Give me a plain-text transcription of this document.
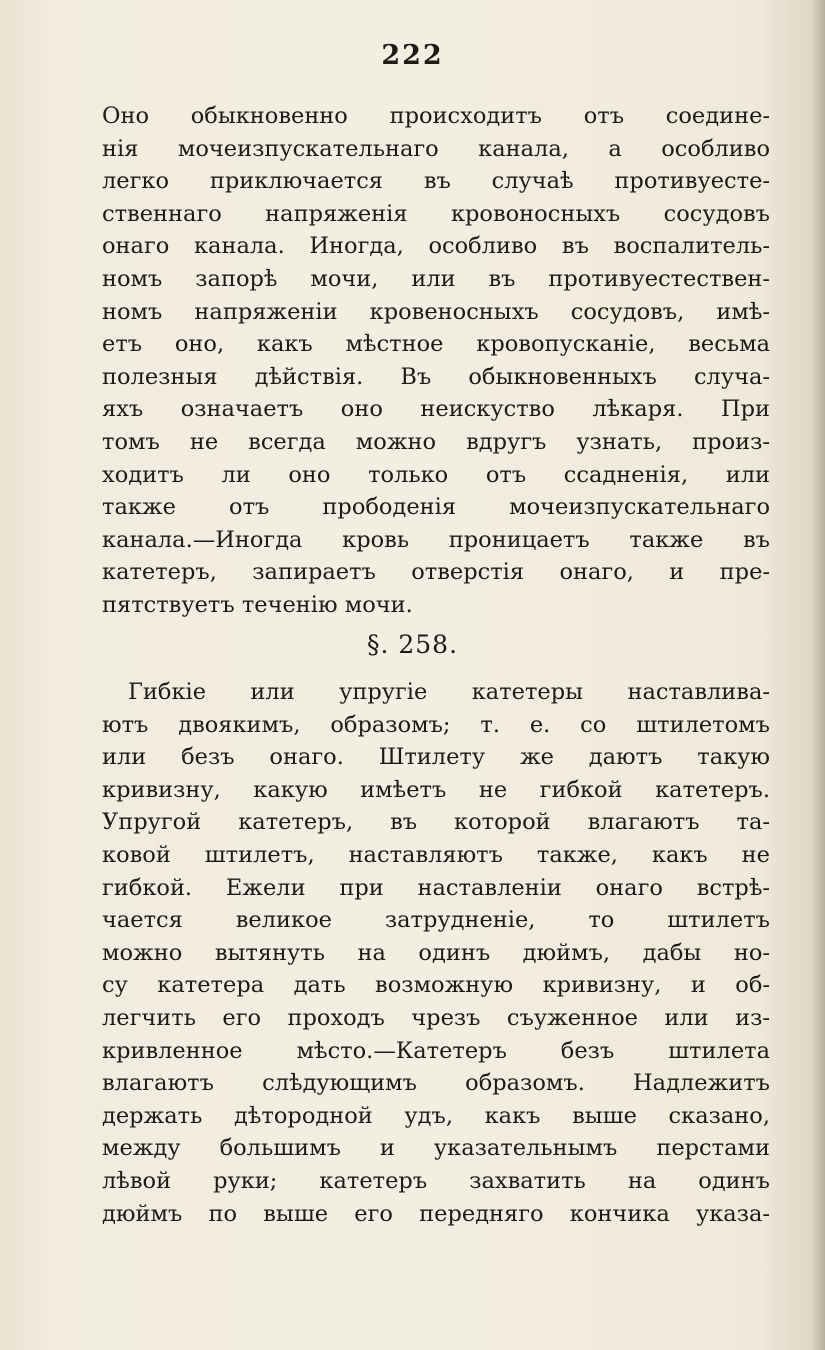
222
Оно обыкновенно происходитъ отъ соедине-
нія мочеизпускательнаго канала, а особливо
легко приключается въ случаѣ противуесте-
ственнаго напряженія кровоносныхъ сосудовъ
онаго канала. Иногда, особливо въ воспалитель-
номъ запорѣ мочи, или въ противуестествен-
номъ напряженіи кровеносныхъ сосудовъ, имѣ-
етъ оно, какъ мѣстное кровопусканіе, весьма
полезныя дѣйствія. Въ обыкновенныхъ случа-
яхъ означаетъ оно неискуство лѣкаря. При
томъ не всегда можно вдругъ узнать, произ-
ходитъ ли оно только отъ ссадненія, или
также отъ прободенія мочеизпускательнаго
канала.—Иногда кровь проницаетъ также въ
катетеръ, запираетъ отверстія онаго, и пре-
пятствуетъ теченію мочи.
§. 258.
Гибкіе или упругіе катетеры наставлива-
ютъ двоякимъ, образомъ; т. е. со штилетомъ
или безъ онаго. Штилету же даютъ такую
кривизну, какую имѣетъ не гибкой катетеръ.
Упругой катетеръ, въ которой влагаютъ та-
ковой штилетъ, наставляютъ также, какъ не
гибкой. Ежели при наставленіи онаго встрѣ-
чается великое затрудненіе, то штилетъ
можно вытянуть на одинъ дюймъ, дабы но-
су катетера дать возможную кривизну, и об-
легчить его проходъ чрезъ съуженное или из-
кривленное мѣсто.—Катетеръ безъ штилета
влагаютъ слѣдующимъ образомъ. Надлежитъ
держать дѣтородной удъ, какъ выше сказано,
между большимъ и указательнымъ перстами
лѣвой руки; катетеръ захватить на одинъ
дюймъ по выше его передняго кончика указа-
